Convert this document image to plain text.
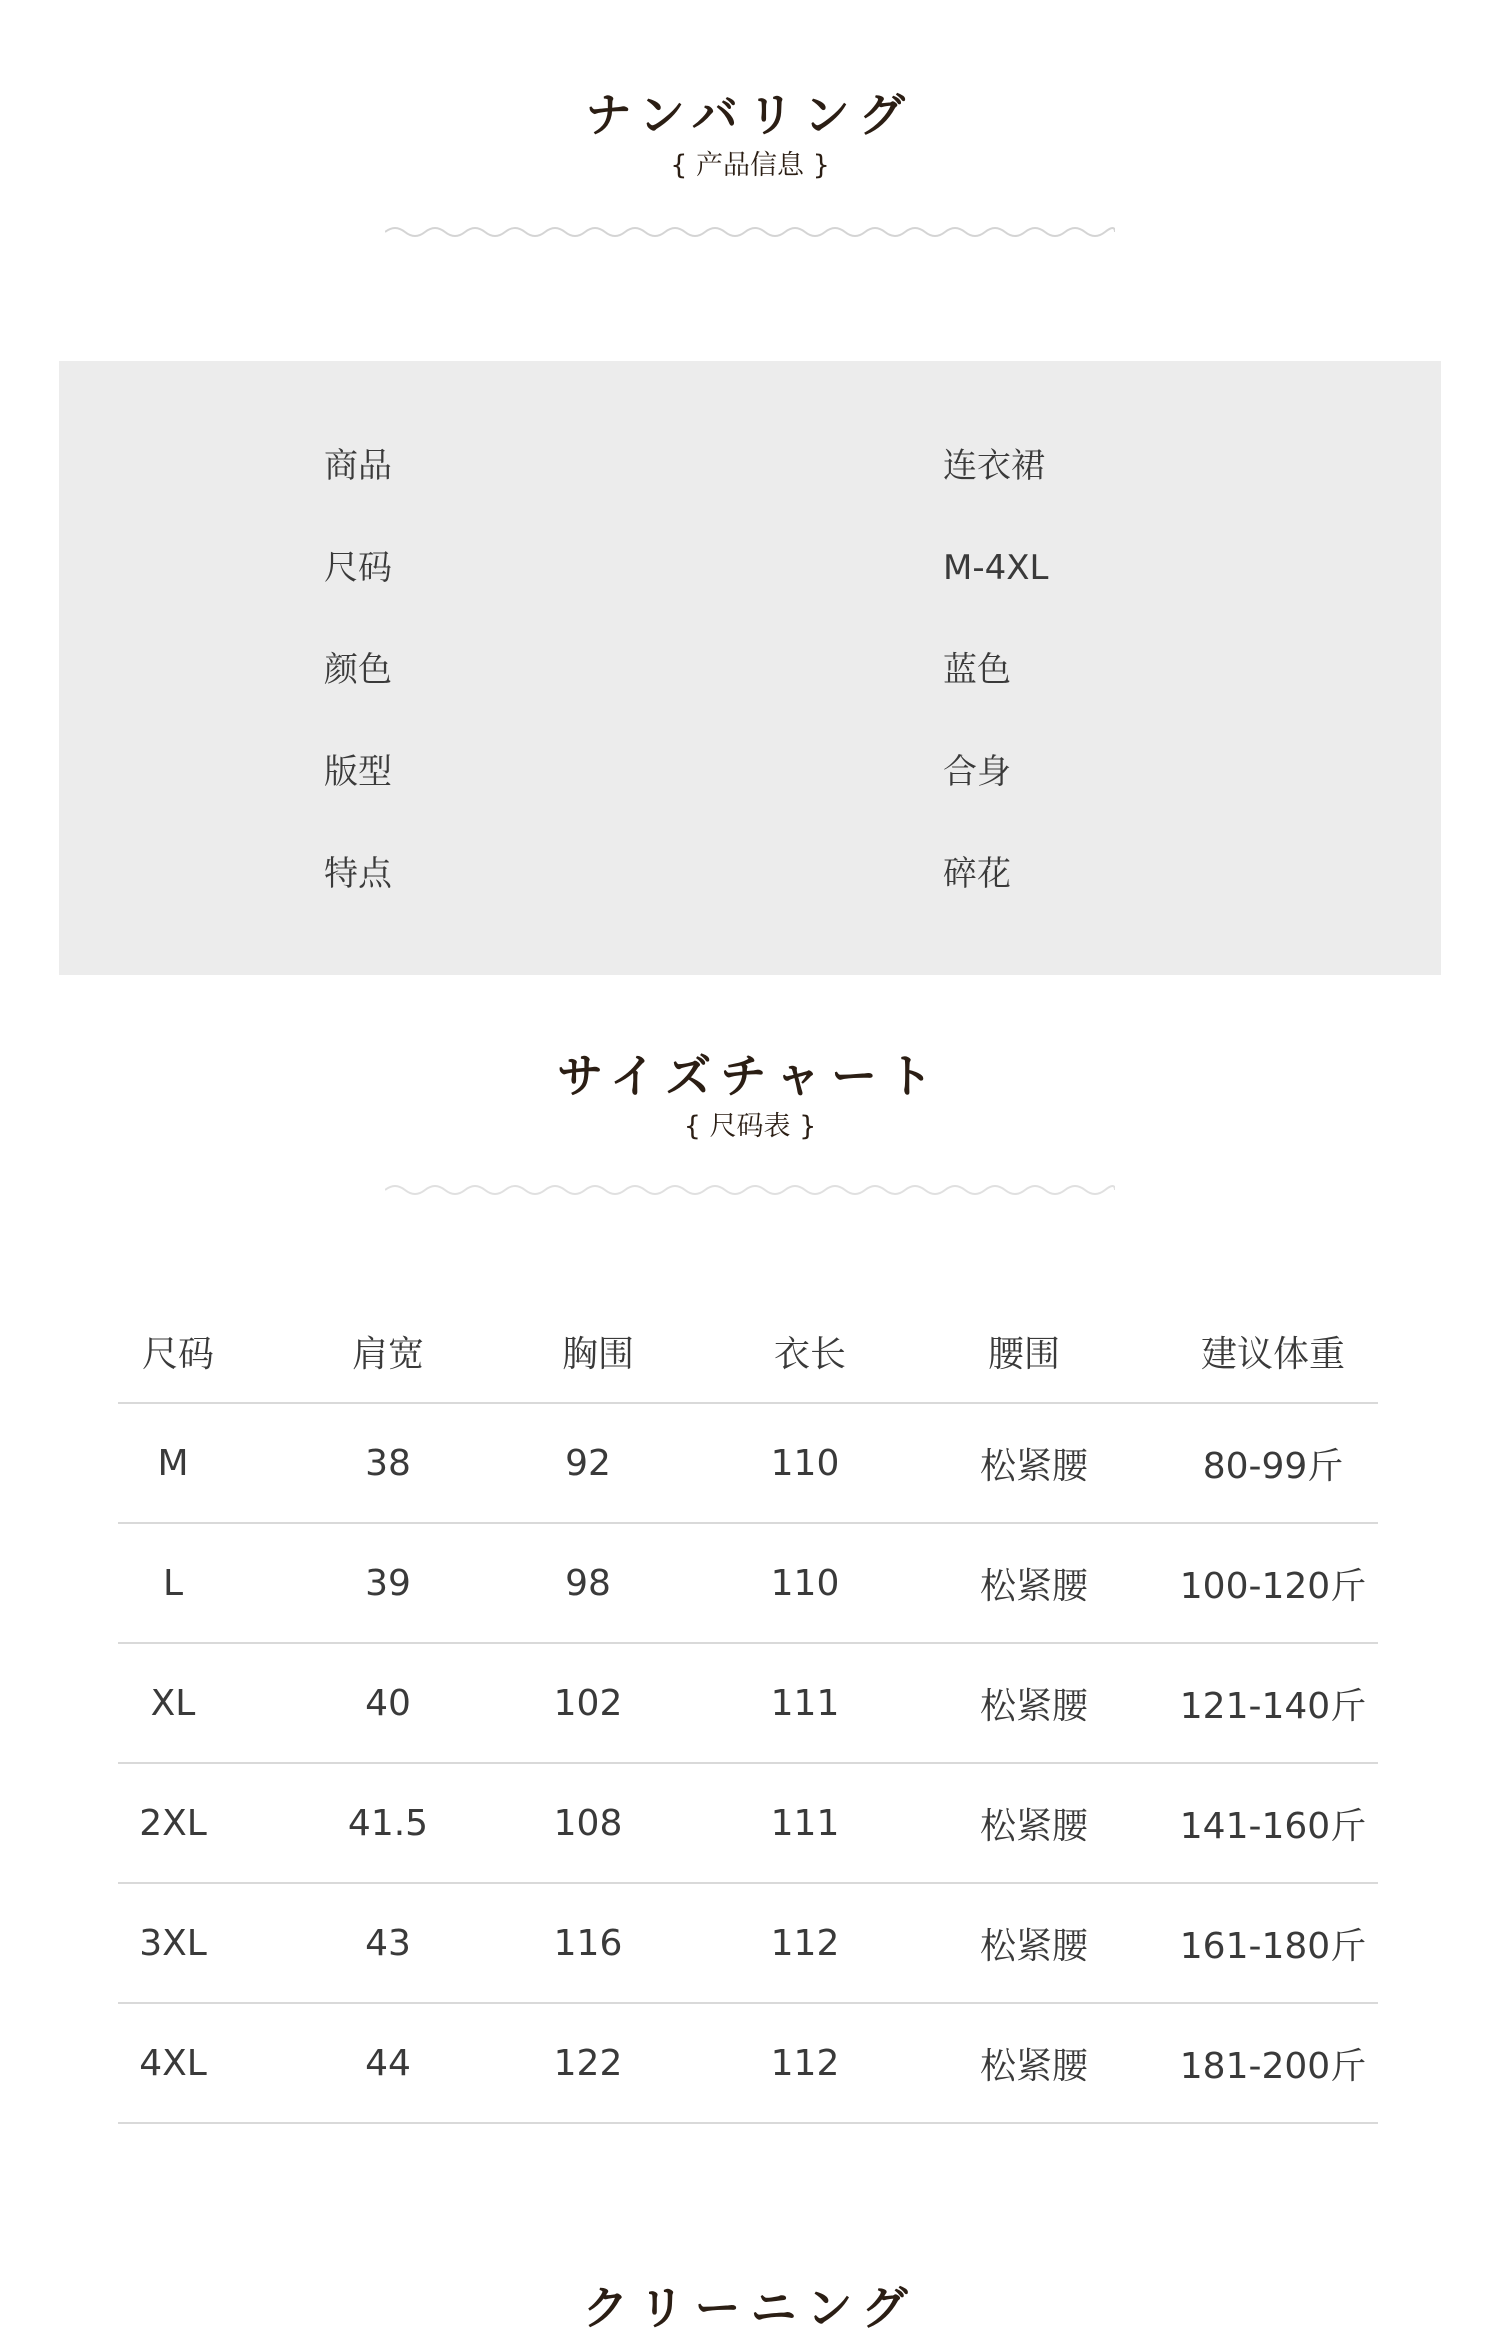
ナンバリング
{ 产品信息 }
商品	连衣裙
尺码	M-4XL
颜色	蓝色
版型	合身
特点	碎花
サイズチャート
{ 尺码表 }
尺码	肩宽	胸围	衣长	腰围	建议体重
M	38	92	110	松紧腰	80-99斤
L	39	98	110	松紧腰	100-120斤
XL	40	102	111	松紧腰	121-140斤
2XL	41.5	108	111	松紧腰	141-160斤
3XL	43	116	112	松紧腰	161-180斤
4XL	44	122	112	松紧腰	181-200斤
クリーニング
